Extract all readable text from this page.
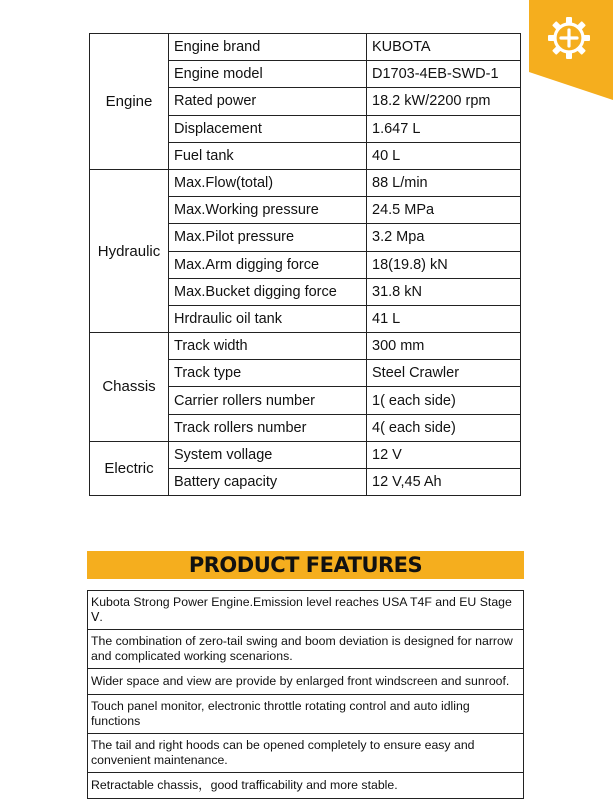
Engine	Engine brand	KUBOTA
	Engine model	D1703-4EB-SWD-1
	Rated power	18.2 kW/2200 rpm
	Displacement	1.647 L
	Fuel tank	40 L
Hydraulic	Max.Flow(total)	88 L/min
	Max.Working pressure	24.5 MPa
	Max.Pilot pressure	3.2 Mpa
	Max.Arm digging force	18(19.8) kN
	Max.Bucket digging force	31.8 kN
	Hrdraulic oil tank	41 L
Chassis	Track width	300 mm
	Track type	Steel Crawler
	Carrier rollers number	1( each side)
	Track rollers number	4( each side)
Electric	System vollage	12 V
	Battery capacity	12 V,45 Ah
PRODUCT FEATURES
Kubota Strong Power Engine.Emission level reaches USA T4F and EU Stage Ⅴ.
The combination of zero-tail swing and boom deviation is designed for narrow and complicated working scenarions.
Wider space and view are provide by enlarged front windscreen and sunroof.
Touch panel monitor, electronic throttle rotating control and auto idling functions
The tail and right hoods can be opened completely to ensure easy and convenient maintenance.
Retractable chassis，good trafficability and more stable.
